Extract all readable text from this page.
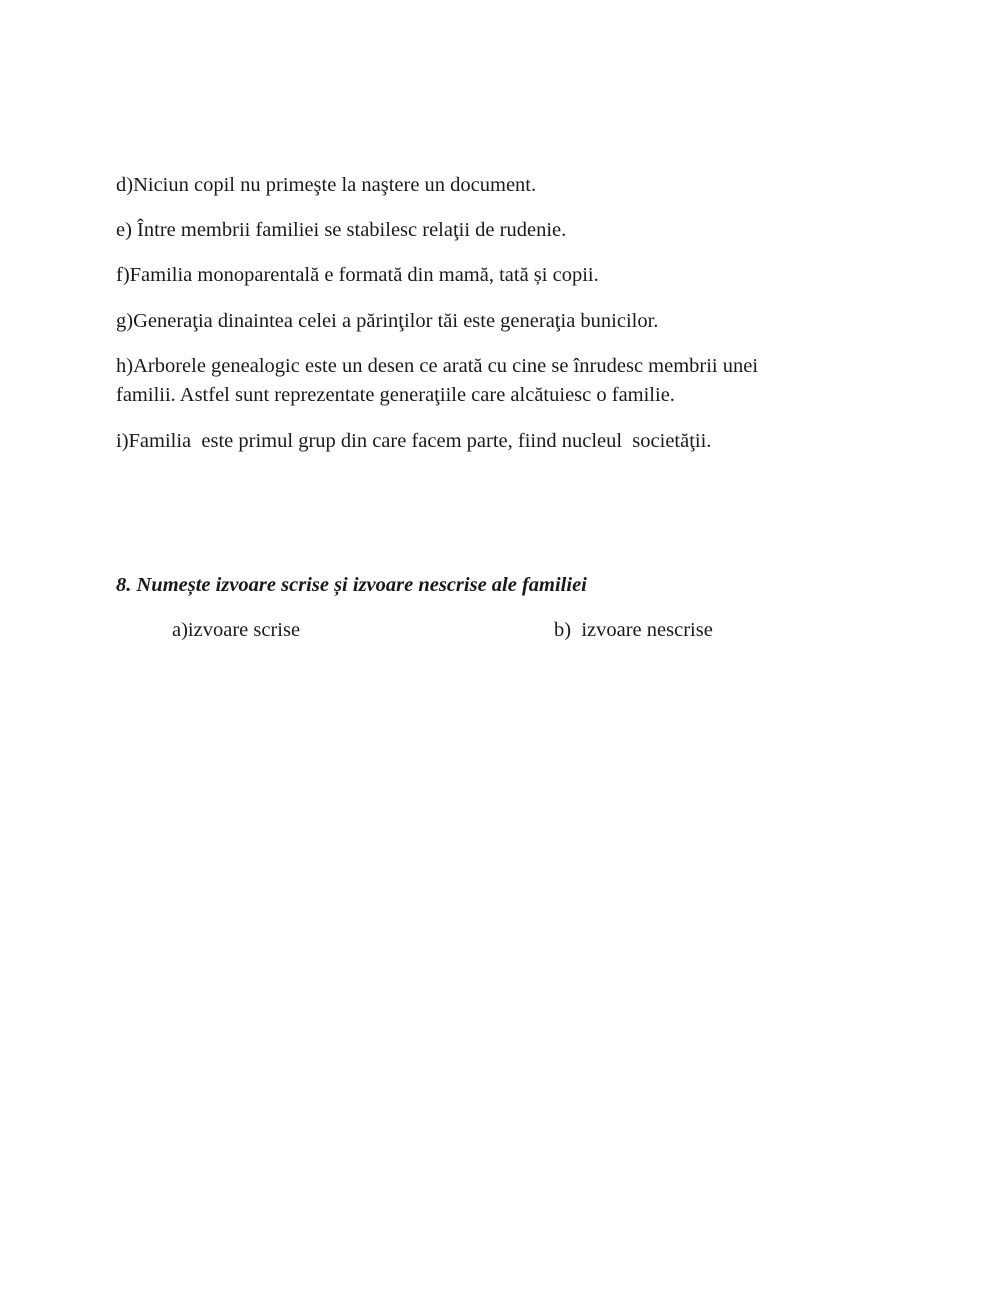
d)Niciun copil nu primeşte la naştere un document.
e) Între membrii familiei se stabilesc relaţii de rudenie.
f)Familia monoparentală e formată din mamă, tată și copii.
g)Generaţia dinaintea celei a părinţilor tăi este generaţia bunicilor.
h)Arborele genealogic este un desen ce arată cu cine se înrudesc membrii unei
familii. Astfel sunt reprezentate generaţiile care alcătuiesc o familie.
i)Familia  este primul grup din care facem parte, fiind nucleul  societăţii.
8. Numește izvoare scrise și izvoare nescrise ale familiei
a)izvoare scrise	b)  izvoare nescrise
